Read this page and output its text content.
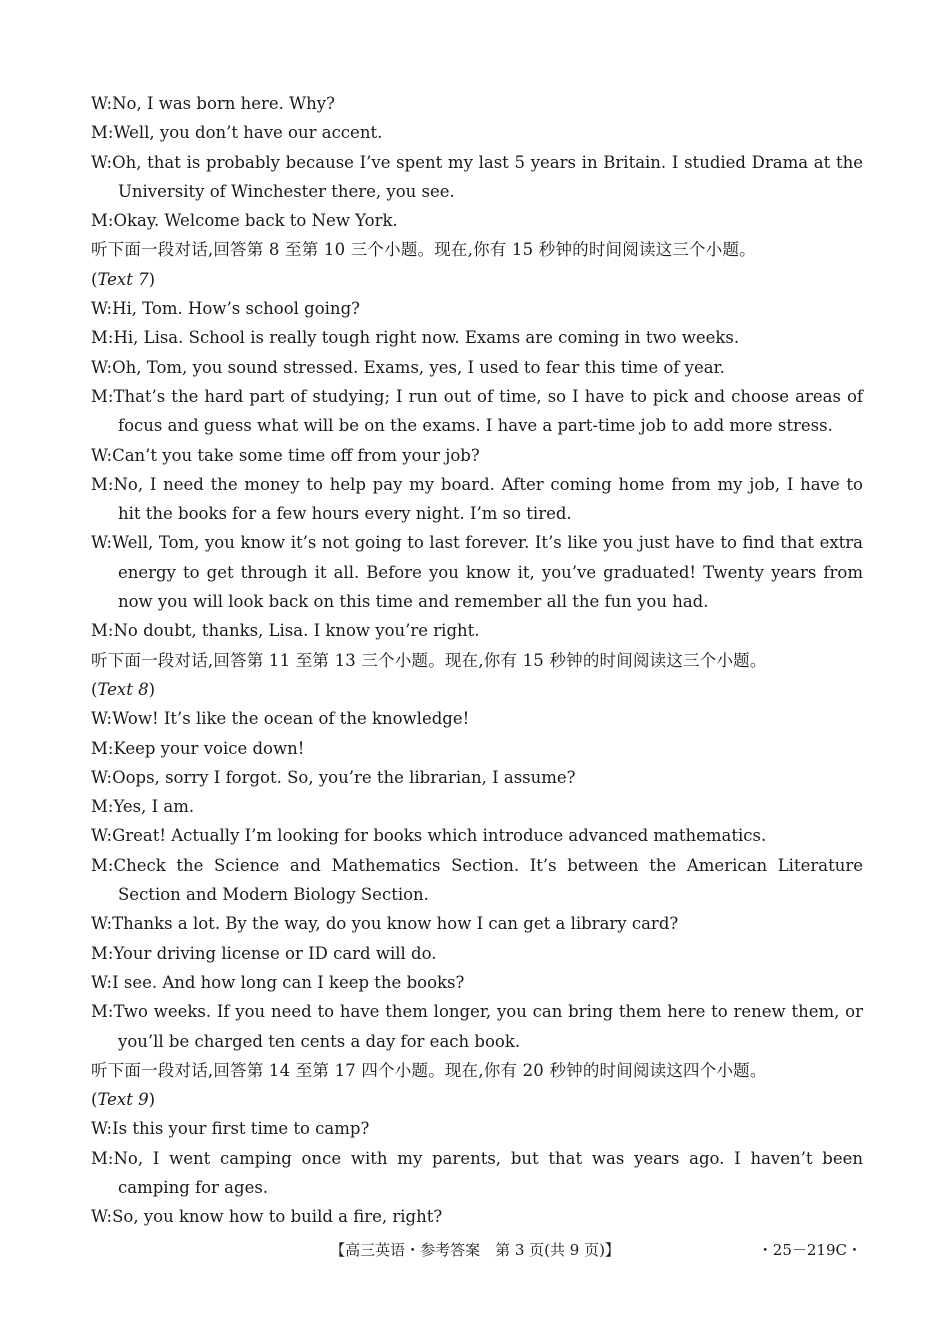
W:No, I was born here. Why?
M:Well, you don’t have our accent.
W:Oh, that is probably because I’ve spent my last 5 years in Britain. I studied Drama at the University of Winchester there, you see.
M:Okay. Welcome back to New York.
听下面一段对话,回答第 8 至第 10 三个小题。现在,你有 15 秒钟的时间阅读这三个小题。
(Text 7)
W:Hi, Tom. How’s school going?
M:Hi, Lisa. School is really tough right now. Exams are coming in two weeks.
W:Oh, Tom, you sound stressed. Exams, yes, I used to fear this time of year.
M:That’s the hard part of studying; I run out of time, so I have to pick and choose areas of focus and guess what will be on the exams. I have a part-time job to add more stress.
W:Can’t you take some time off from your job?
M:No, I need the money to help pay my board. After coming home from my job, I have to hit the books for a few hours every night. I’m so tired.
W:Well, Tom, you know it’s not going to last forever. It’s like you just have to find that extra energy to get through it all. Before you know it, you’ve graduated! Twenty years from now you will look back on this time and remember all the fun you had.
M:No doubt, thanks, Lisa. I know you’re right.
听下面一段对话,回答第 11 至第 13 三个小题。现在,你有 15 秒钟的时间阅读这三个小题。
(Text 8)
W:Wow! It’s like the ocean of the knowledge!
M:Keep your voice down!
W:Oops, sorry I forgot. So, you’re the librarian, I assume?
M:Yes, I am.
W:Great! Actually I’m looking for books which introduce advanced mathematics.
M:Check the Science and Mathematics Section. It’s between the American Literature Section and Modern Biology Section.
W:Thanks a lot. By the way, do you know how I can get a library card?
M:Your driving license or ID card will do.
W:I see. And how long can I keep the books?
M:Two weeks. If you need to have them longer, you can bring them here to renew them, or you’ll be charged ten cents a day for each book.
听下面一段对话,回答第 14 至第 17 四个小题。现在,你有 20 秒钟的时间阅读这四个小题。
(Text 9)
W:Is this your first time to camp?
M:No, I went camping once with my parents, but that was years ago. I haven’t been camping for ages.
W:So, you know how to build a fire, right?
【高三英语・参考答案　第 3 页(共 9 页)】	・25－219C・
